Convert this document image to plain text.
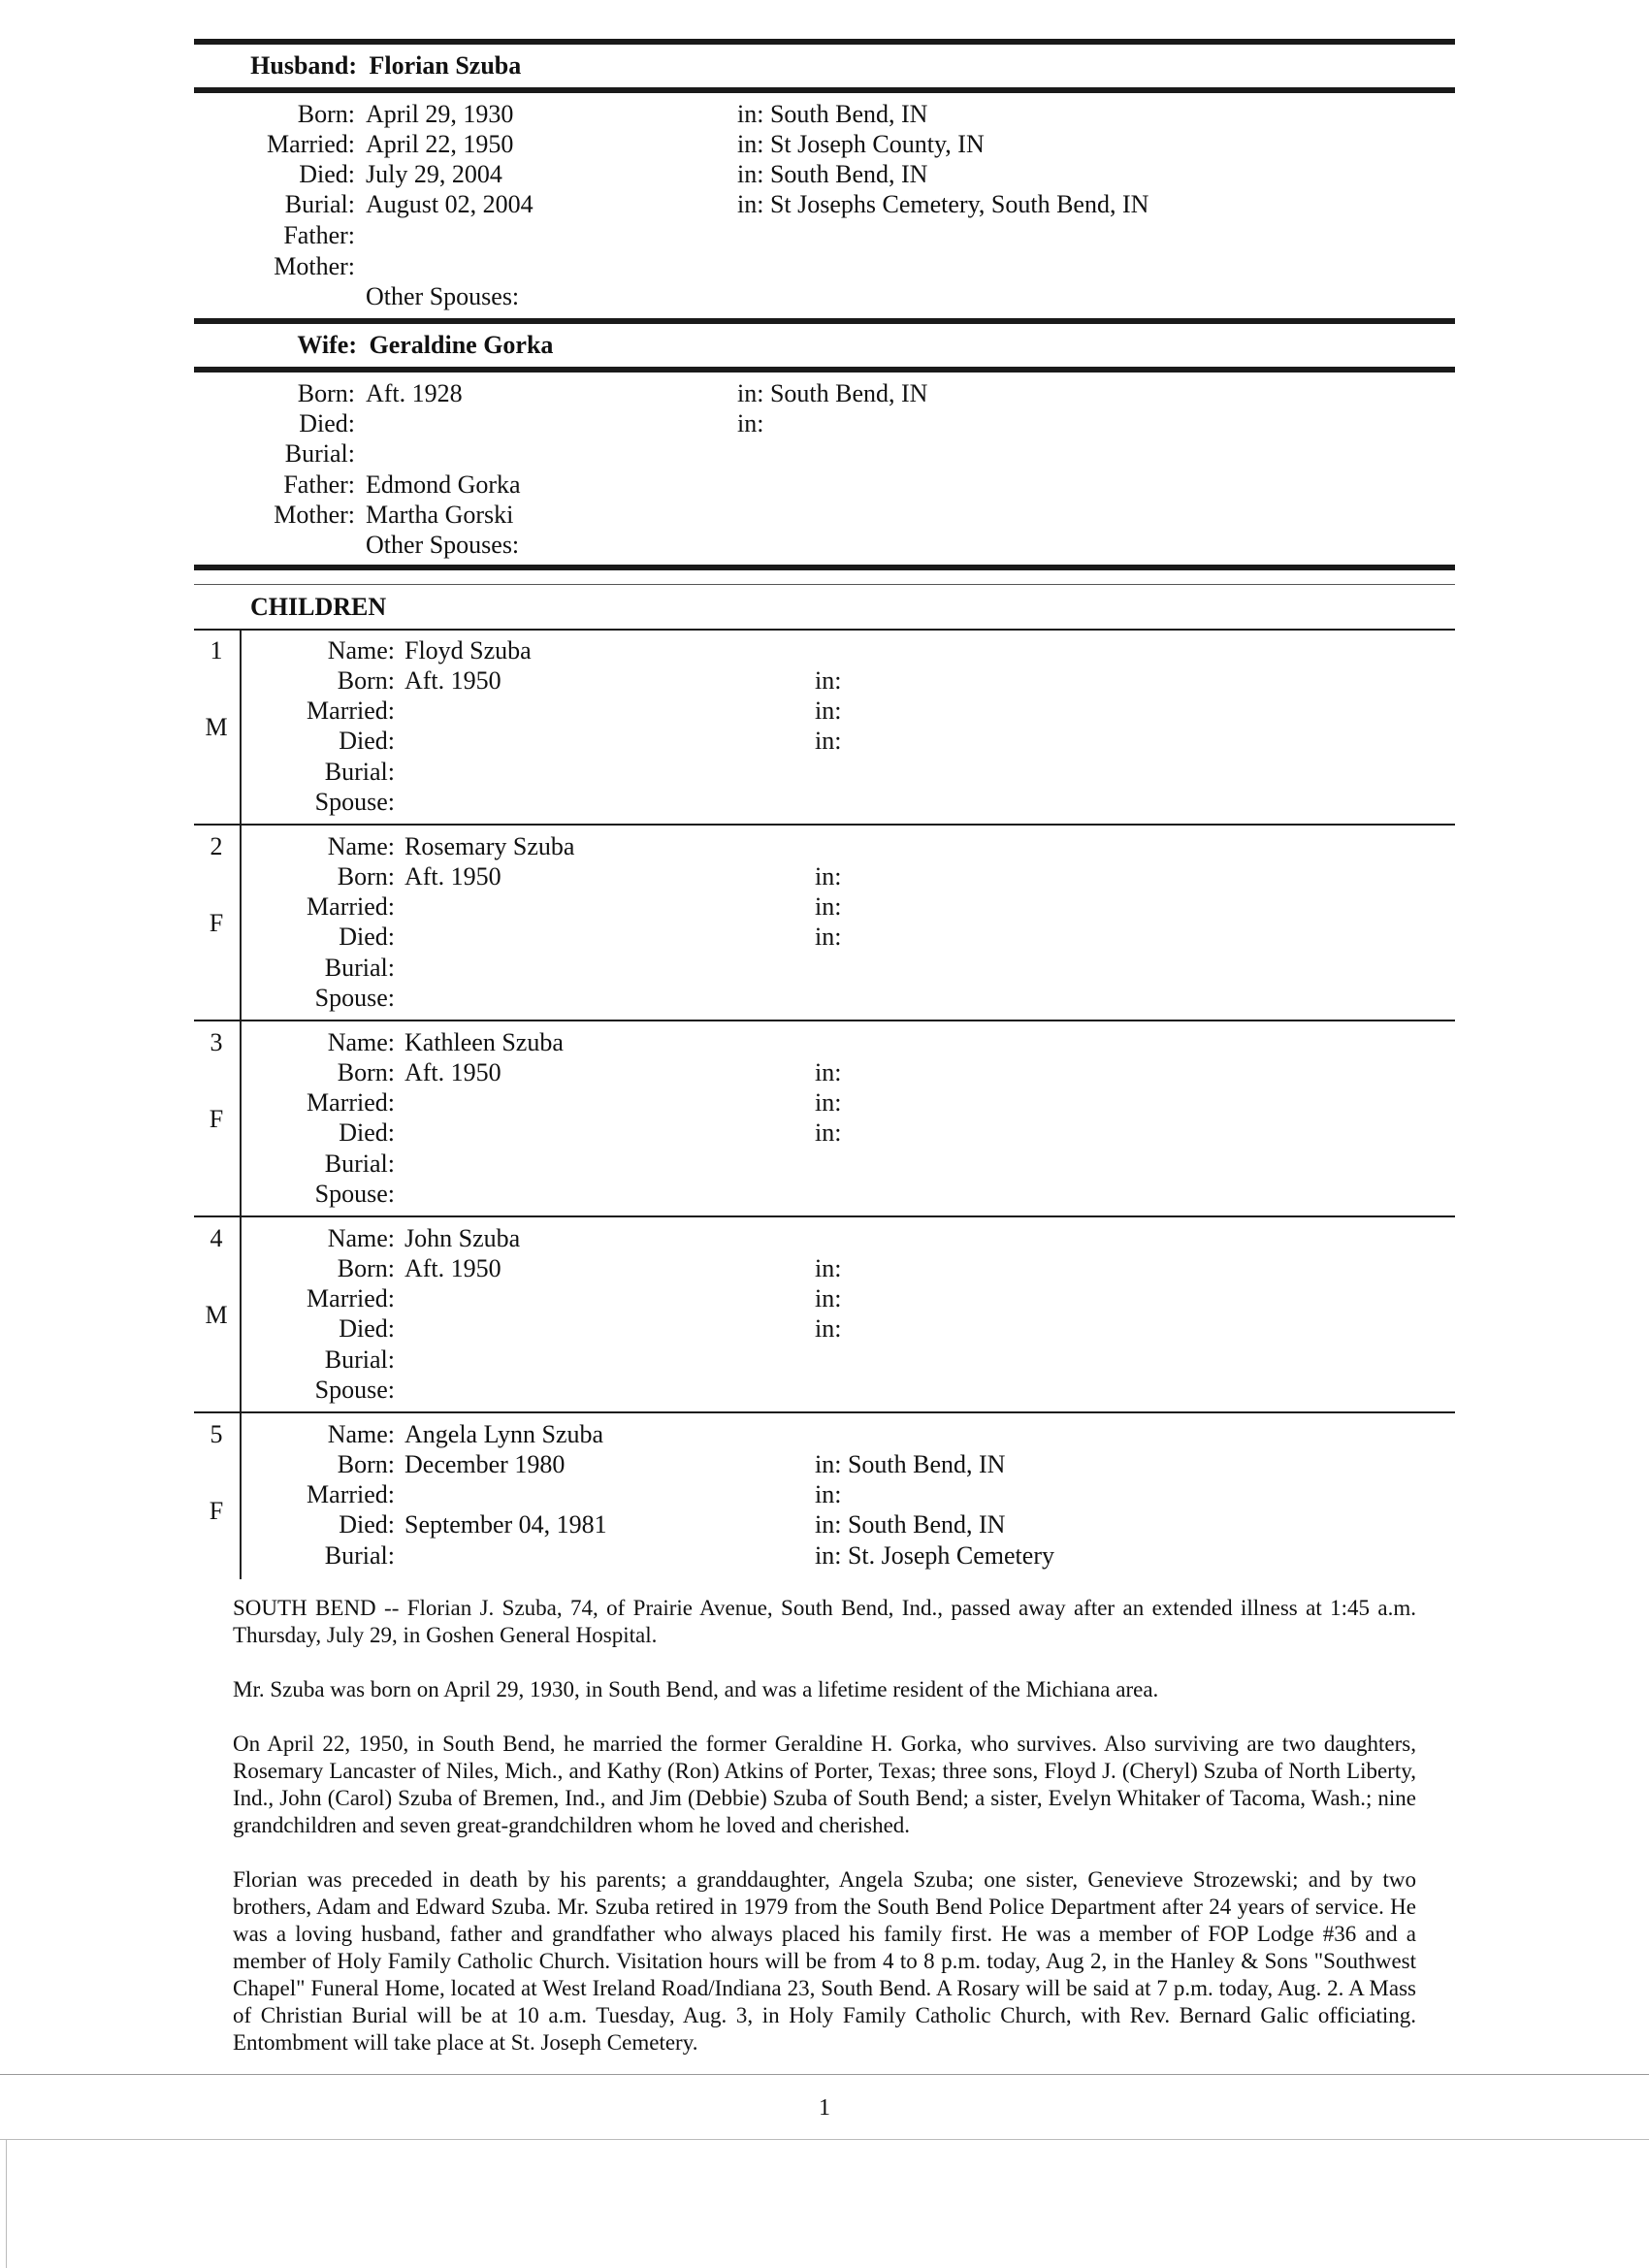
Husband: Florian Szuba
Born: April 29, 1930	in: South Bend, IN
Married: April 22, 1950	in: St Joseph County, IN
Died: July 29, 2004	in: South Bend, IN
Burial: August 02, 2004	in: St Josephs Cemetery, South Bend, IN
Father:
Mother:
Other Spouses:
Wife: Geraldine Gorka
Born: Aft. 1928	in: South Bend, IN
Died:	in:
Burial:
Father: Edmond Gorka
Mother: Martha Gorski
Other Spouses:
CHILDREN
1
M
Name: Floyd Szuba
Born: Aft. 1950	in:
Married:	in:
Died:	in:
Burial:
Spouse:
2
F
Name: Rosemary Szuba
Born: Aft. 1950	in:
Married:	in:
Died:	in:
Burial:
Spouse:
3
F
Name: Kathleen Szuba
Born: Aft. 1950	in:
Married:	in:
Died:	in:
Burial:
Spouse:
4
M
Name: John Szuba
Born: Aft. 1950	in:
Married:	in:
Died:	in:
Burial:
Spouse:
5
F
Name: Angela Lynn Szuba
Born: December 1980	in: South Bend, IN
Married:	in:
Died: September 04, 1981	in: South Bend, IN
Burial:	in: St. Joseph Cemetery

SOUTH BEND -- Florian J. Szuba, 74, of Prairie Avenue, South Bend, Ind., passed away after an extended illness at 1:45 a.m. Thursday, July 29, in Goshen General Hospital.

Mr. Szuba was born on April 29, 1930, in South Bend, and was a lifetime resident of the Michiana area.

On April 22, 1950, in South Bend, he married the former Geraldine H. Gorka, who survives. Also surviving are two daughters, Rosemary Lancaster of Niles, Mich., and Kathy (Ron) Atkins of Porter, Texas; three sons, Floyd J. (Cheryl) Szuba of North Liberty, Ind., John (Carol) Szuba of Bremen, Ind., and Jim (Debbie) Szuba of South Bend; a sister, Evelyn Whitaker of Tacoma, Wash.; nine grandchildren and seven great-grandchildren whom he loved and cherished.

Florian was preceded in death by his parents; a granddaughter, Angela Szuba; one sister, Genevieve Strozewski; and by two brothers, Adam and Edward Szuba. Mr. Szuba retired in 1979 from the South Bend Police Department after 24 years of service. He was a loving husband, father and grandfather who always placed his family first. He was a member of FOP Lodge #36 and a member of Holy Family Catholic Church. Visitation hours will be from 4 to 8 p.m. today, Aug 2, in the Hanley & Sons "Southwest Chapel" Funeral Home, located at West Ireland Road/Indiana 23, South Bend. A Rosary will be said at 7 p.m. today, Aug. 2. A Mass of Christian Burial will be at 10 a.m. Tuesday, Aug. 3, in Holy Family Catholic Church, with Rev. Bernard Galic officiating. Entombment will take place at St. Joseph Cemetery.

1
